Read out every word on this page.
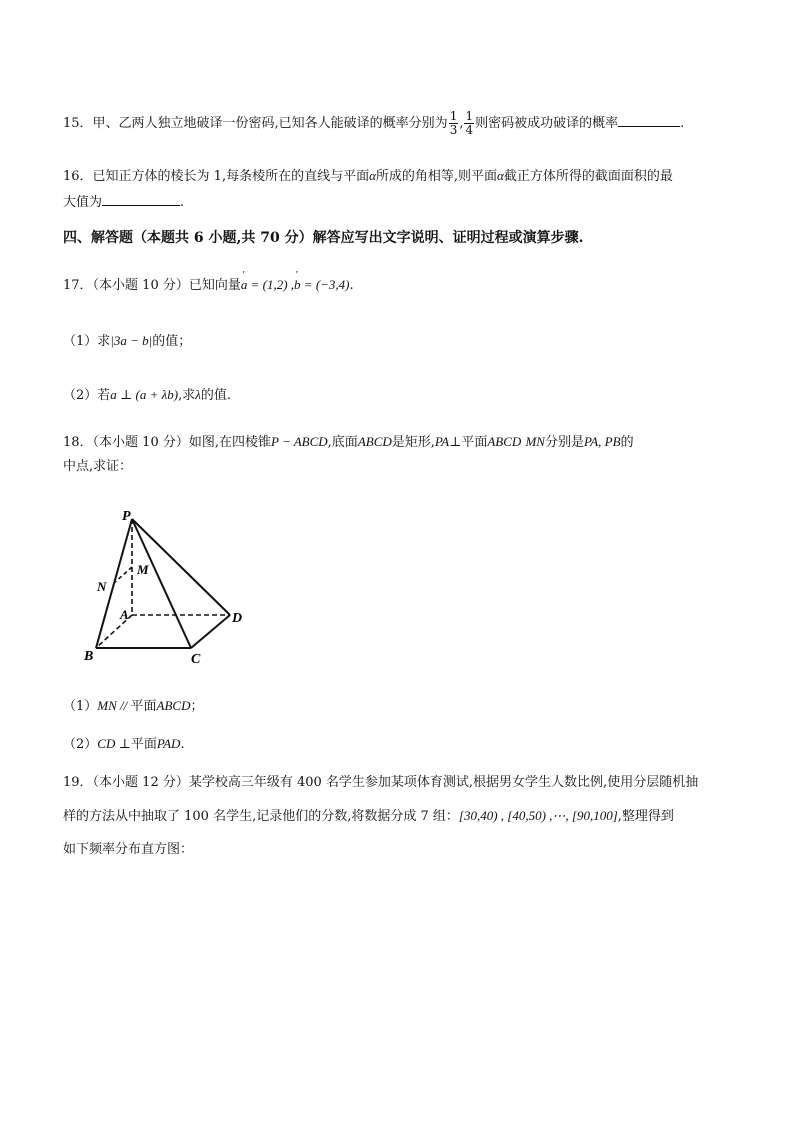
15．甲、乙两人独立地破译一份密码,已知各人能破译的概率分别为 $\frac{1}{3}$ , $\frac{1}{4}$ 则密码被成功破译的概率	.
16．已知正方体的棱长为 1,每条棱所在的直线与平面α所成的角相等,则平面α截正方体所得的截面面积的最
大值为	.
四、解答题（本题共 6 小题,共 70 分）解答应写出文字说明、证明过程或演算步骤.
17．（本小题 10 分）已知向量' a = (1,2) ,' b = (−3,4).
（1）求|3a − b|的值；
（2）若a ⊥ (a + λb),求λ的值.
18．（本小题 10 分）如图,在四棱锥P − ABCD,底面ABCD是矩形,PA⊥平面ABCD MN分别是PA, PB的
中点,求证：
P
M
N
A
B	C
D
（1）MN // 平面ABCD；
（2）CD ⊥平面PAD.
19．（本小题 12 分）某学校高三年级有 400 名学生参加某项体育测试,根据男女学生人数比例,使用分层随机抽
样的方法从中抽取了 100 名学生,记录他们的分数,将数据分成 7 组：[30,40) , [40,50) ,⋯, [90,100],整理得到
如下频率分布直方图：
